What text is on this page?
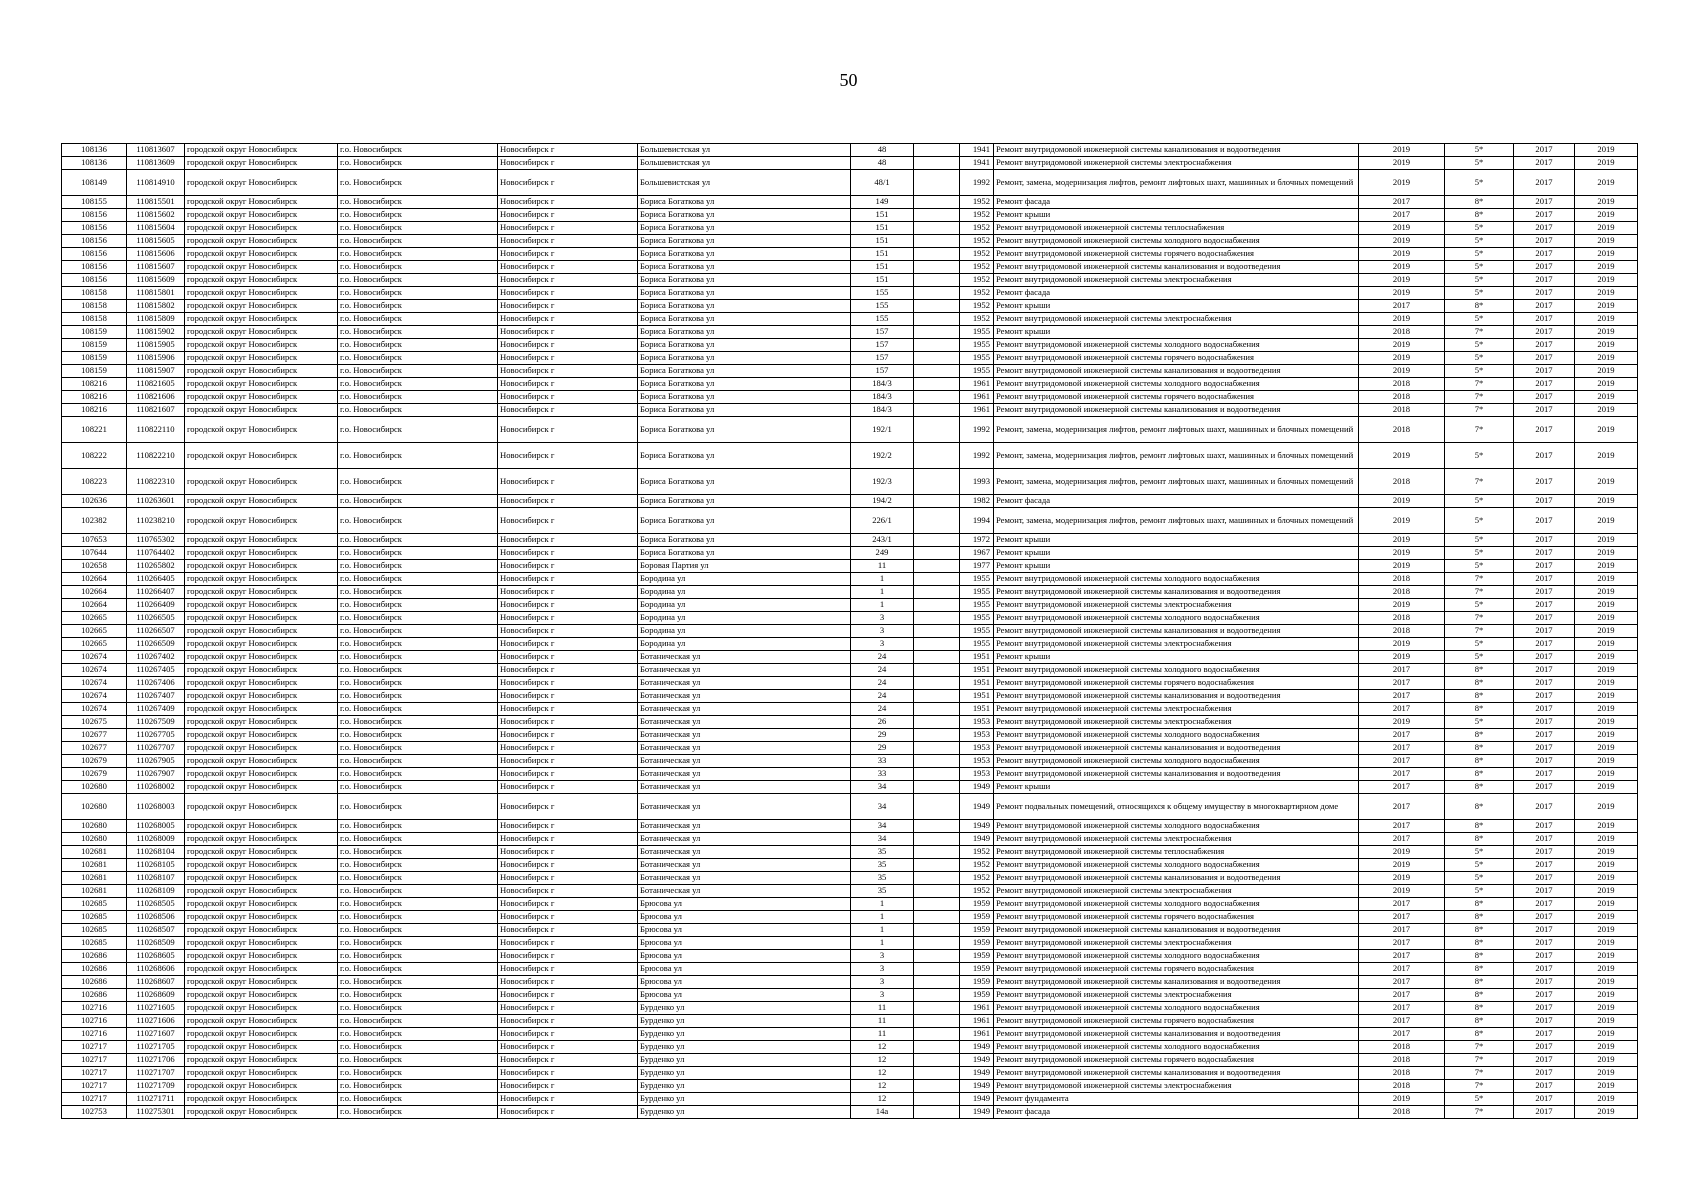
50
108136	110813607	городской округ Новосибирск	г.о. Новосибирск	Новосибирск г	Большевистская ул	48		1941	Ремонт внутридомовой инженерной системы канализования и водоотведения	2019	5*	2017	2019
108136	110813609	городской округ Новосибирск	г.о. Новосибирск	Новосибирск г	Большевистская ул	48		1941	Ремонт внутридомовой инженерной системы электроснабжения	2019	5*	2017	2019
108149	110814910	городской округ Новосибирск	г.о. Новосибирск	Новосибирск г	Большевистская ул	48/1		1992	Ремонт, замена, модернизация лифтов, ремонт лифтовых шахт, машинных и блочных помещений	2019	5*	2017	2019
108155	110815501	городской округ Новосибирск	г.о. Новосибирск	Новосибирск г	Бориса Богаткова ул	149		1952	Ремонт фасада	2017	8*	2017	2019
108156	110815602	городской округ Новосибирск	г.о. Новосибирск	Новосибирск г	Бориса Богаткова ул	151		1952	Ремонт крыши	2017	8*	2017	2019
108156	110815604	городской округ Новосибирск	г.о. Новосибирск	Новосибирск г	Бориса Богаткова ул	151		1952	Ремонт внутридомовой инженерной системы теплоснабжения	2019	5*	2017	2019
108156	110815605	городской округ Новосибирск	г.о. Новосибирск	Новосибирск г	Бориса Богаткова ул	151		1952	Ремонт внутридомовой инженерной системы холодного водоснабжения	2019	5*	2017	2019
108156	110815606	городской округ Новосибирск	г.о. Новосибирск	Новосибирск г	Бориса Богаткова ул	151		1952	Ремонт внутридомовой инженерной системы горячего водоснабжения	2019	5*	2017	2019
108156	110815607	городской округ Новосибирск	г.о. Новосибирск	Новосибирск г	Бориса Богаткова ул	151		1952	Ремонт внутридомовой инженерной системы канализования и водоотведения	2019	5*	2017	2019
108156	110815609	городской округ Новосибирск	г.о. Новосибирск	Новосибирск г	Бориса Богаткова ул	151		1952	Ремонт внутридомовой инженерной системы электроснабжения	2019	5*	2017	2019
108158	110815801	городской округ Новосибирск	г.о. Новосибирск	Новосибирск г	Бориса Богаткова ул	155		1952	Ремонт фасада	2019	5*	2017	2019
108158	110815802	городской округ Новосибирск	г.о. Новосибирск	Новосибирск г	Бориса Богаткова ул	155		1952	Ремонт крыши	2017	8*	2017	2019
108158	110815809	городской округ Новосибирск	г.о. Новосибирск	Новосибирск г	Бориса Богаткова ул	155		1952	Ремонт внутридомовой инженерной системы электроснабжения	2019	5*	2017	2019
108159	110815902	городской округ Новосибирск	г.о. Новосибирск	Новосибирск г	Бориса Богаткова ул	157		1955	Ремонт крыши	2018	7*	2017	2019
108159	110815905	городской округ Новосибирск	г.о. Новосибирск	Новосибирск г	Бориса Богаткова ул	157		1955	Ремонт внутридомовой инженерной системы холодного водоснабжения	2019	5*	2017	2019
108159	110815906	городской округ Новосибирск	г.о. Новосибирск	Новосибирск г	Бориса Богаткова ул	157		1955	Ремонт внутридомовой инженерной системы горячего водоснабжения	2019	5*	2017	2019
108159	110815907	городской округ Новосибирск	г.о. Новосибирск	Новосибирск г	Бориса Богаткова ул	157		1955	Ремонт внутридомовой инженерной системы канализования и водоотведения	2019	5*	2017	2019
108216	110821605	городской округ Новосибирск	г.о. Новосибирск	Новосибирск г	Бориса Богаткова ул	184/3		1961	Ремонт внутридомовой инженерной системы холодного водоснабжения	2018	7*	2017	2019
108216	110821606	городской округ Новосибирск	г.о. Новосибирск	Новосибирск г	Бориса Богаткова ул	184/3		1961	Ремонт внутридомовой инженерной системы горячего водоснабжения	2018	7*	2017	2019
108216	110821607	городской округ Новосибирск	г.о. Новосибирск	Новосибирск г	Бориса Богаткова ул	184/3		1961	Ремонт внутридомовой инженерной системы канализования и водоотведения	2018	7*	2017	2019
108221	110822110	городской округ Новосибирск	г.о. Новосибирск	Новосибирск г	Бориса Богаткова ул	192/1		1992	Ремонт, замена, модернизация лифтов, ремонт лифтовых шахт, машинных и блочных помещений	2018	7*	2017	2019
108222	110822210	городской округ Новосибирск	г.о. Новосибирск	Новосибирск г	Бориса Богаткова ул	192/2		1992	Ремонт, замена, модернизация лифтов, ремонт лифтовых шахт, машинных и блочных помещений	2019	5*	2017	2019
108223	110822310	городской округ Новосибирск	г.о. Новосибирск	Новосибирск г	Бориса Богаткова ул	192/3		1993	Ремонт, замена, модернизация лифтов, ремонт лифтовых шахт, машинных и блочных помещений	2018	7*	2017	2019
102636	110263601	городской округ Новосибирск	г.о. Новосибирск	Новосибирск г	Бориса Богаткова ул	194/2		1982	Ремонт фасада	2019	5*	2017	2019
102382	110238210	городской округ Новосибирск	г.о. Новосибирск	Новосибирск г	Бориса Богаткова ул	226/1		1994	Ремонт, замена, модернизация лифтов, ремонт лифтовых шахт, машинных и блочных помещений	2019	5*	2017	2019
107653	110765302	городской округ Новосибирск	г.о. Новосибирск	Новосибирск г	Бориса Богаткова ул	243/1		1972	Ремонт крыши	2019	5*	2017	2019
107644	110764402	городской округ Новосибирск	г.о. Новосибирск	Новосибирск г	Бориса Богаткова ул	249		1967	Ремонт крыши	2019	5*	2017	2019
102658	110265802	городской округ Новосибирск	г.о. Новосибирск	Новосибирск г	Боровая Партия ул	11		1977	Ремонт крыши	2019	5*	2017	2019
102664	110266405	городской округ Новосибирск	г.о. Новосибирск	Новосибирск г	Бородина ул	1		1955	Ремонт внутридомовой инженерной системы холодного водоснабжения	2018	7*	2017	2019
102664	110266407	городской округ Новосибирск	г.о. Новосибирск	Новосибирск г	Бородина ул	1		1955	Ремонт внутридомовой инженерной системы канализования и водоотведения	2018	7*	2017	2019
102664	110266409	городской округ Новосибирск	г.о. Новосибирск	Новосибирск г	Бородина ул	1		1955	Ремонт внутридомовой инженерной системы электроснабжения	2019	5*	2017	2019
102665	110266505	городской округ Новосибирск	г.о. Новосибирск	Новосибирск г	Бородина ул	3		1955	Ремонт внутридомовой инженерной системы холодного водоснабжения	2018	7*	2017	2019
102665	110266507	городской округ Новосибирск	г.о. Новосибирск	Новосибирск г	Бородина ул	3		1955	Ремонт внутридомовой инженерной системы канализования и водоотведения	2018	7*	2017	2019
102665	110266509	городской округ Новосибирск	г.о. Новосибирск	Новосибирск г	Бородина ул	3		1955	Ремонт внутридомовой инженерной системы электроснабжения	2019	5*	2017	2019
102674	110267402	городской округ Новосибирск	г.о. Новосибирск	Новосибирск г	Ботаническая ул	24		1951	Ремонт крыши	2019	5*	2017	2019
102674	110267405	городской округ Новосибирск	г.о. Новосибирск	Новосибирск г	Ботаническая ул	24		1951	Ремонт внутридомовой инженерной системы холодного водоснабжения	2017	8*	2017	2019
102674	110267406	городской округ Новосибирск	г.о. Новосибирск	Новосибирск г	Ботаническая ул	24		1951	Ремонт внутридомовой инженерной системы горячего водоснабжения	2017	8*	2017	2019
102674	110267407	городской округ Новосибирск	г.о. Новосибирск	Новосибирск г	Ботаническая ул	24		1951	Ремонт внутридомовой инженерной системы канализования и водоотведения	2017	8*	2017	2019
102674	110267409	городской округ Новосибирск	г.о. Новосибирск	Новосибирск г	Ботаническая ул	24		1951	Ремонт внутридомовой инженерной системы электроснабжения	2017	8*	2017	2019
102675	110267509	городской округ Новосибирск	г.о. Новосибирск	Новосибирск г	Ботаническая ул	26		1953	Ремонт внутридомовой инженерной системы электроснабжения	2019	5*	2017	2019
102677	110267705	городской округ Новосибирск	г.о. Новосибирск	Новосибирск г	Ботаническая ул	29		1953	Ремонт внутридомовой инженерной системы холодного водоснабжения	2017	8*	2017	2019
102677	110267707	городской округ Новосибирск	г.о. Новосибирск	Новосибирск г	Ботаническая ул	29		1953	Ремонт внутридомовой инженерной системы канализования и водоотведения	2017	8*	2017	2019
102679	110267905	городской округ Новосибирск	г.о. Новосибирск	Новосибирск г	Ботаническая ул	33		1953	Ремонт внутридомовой инженерной системы холодного водоснабжения	2017	8*	2017	2019
102679	110267907	городской округ Новосибирск	г.о. Новосибирск	Новосибирск г	Ботаническая ул	33		1953	Ремонт внутридомовой инженерной системы канализования и водоотведения	2017	8*	2017	2019
102680	110268002	городской округ Новосибирск	г.о. Новосибирск	Новосибирск г	Ботаническая ул	34		1949	Ремонт крыши	2017	8*	2017	2019
102680	110268003	городской округ Новосибирск	г.о. Новосибирск	Новосибирск г	Ботаническая ул	34		1949	Ремонт подвальных помещений, относящихся к общему имуществу в многоквартирном доме	2017	8*	2017	2019
102680	110268005	городской округ Новосибирск	г.о. Новосибирск	Новосибирск г	Ботаническая ул	34		1949	Ремонт внутридомовой инженерной системы холодного водоснабжения	2017	8*	2017	2019
102680	110268009	городской округ Новосибирск	г.о. Новосибирск	Новосибирск г	Ботаническая ул	34		1949	Ремонт внутридомовой инженерной системы электроснабжения	2017	8*	2017	2019
102681	110268104	городской округ Новосибирск	г.о. Новосибирск	Новосибирск г	Ботаническая ул	35		1952	Ремонт внутридомовой инженерной системы теплоснабжения	2019	5*	2017	2019
102681	110268105	городской округ Новосибирск	г.о. Новосибирск	Новосибирск г	Ботаническая ул	35		1952	Ремонт внутридомовой инженерной системы холодного водоснабжения	2019	5*	2017	2019
102681	110268107	городской округ Новосибирск	г.о. Новосибирск	Новосибирск г	Ботаническая ул	35		1952	Ремонт внутридомовой инженерной системы канализования и водоотведения	2019	5*	2017	2019
102681	110268109	городской округ Новосибирск	г.о. Новосибирск	Новосибирск г	Ботаническая ул	35		1952	Ремонт внутридомовой инженерной системы электроснабжения	2019	5*	2017	2019
102685	110268505	городской округ Новосибирск	г.о. Новосибирск	Новосибирск г	Брюсова ул	1		1959	Ремонт внутридомовой инженерной системы холодного водоснабжения	2017	8*	2017	2019
102685	110268506	городской округ Новосибирск	г.о. Новосибирск	Новосибирск г	Брюсова ул	1		1959	Ремонт внутридомовой инженерной системы горячего водоснабжения	2017	8*	2017	2019
102685	110268507	городской округ Новосибирск	г.о. Новосибирск	Новосибирск г	Брюсова ул	1		1959	Ремонт внутридомовой инженерной системы канализования и водоотведения	2017	8*	2017	2019
102685	110268509	городской округ Новосибирск	г.о. Новосибирск	Новосибирск г	Брюсова ул	1		1959	Ремонт внутридомовой инженерной системы электроснабжения	2017	8*	2017	2019
102686	110268605	городской округ Новосибирск	г.о. Новосибирск	Новосибирск г	Брюсова ул	3		1959	Ремонт внутридомовой инженерной системы холодного водоснабжения	2017	8*	2017	2019
102686	110268606	городской округ Новосибирск	г.о. Новосибирск	Новосибирск г	Брюсова ул	3		1959	Ремонт внутридомовой инженерной системы горячего водоснабжения	2017	8*	2017	2019
102686	110268607	городской округ Новосибирск	г.о. Новосибирск	Новосибирск г	Брюсова ул	3		1959	Ремонт внутридомовой инженерной системы канализования и водоотведения	2017	8*	2017	2019
102686	110268609	городской округ Новосибирск	г.о. Новосибирск	Новосибирск г	Брюсова ул	3		1959	Ремонт внутридомовой инженерной системы электроснабжения	2017	8*	2017	2019
102716	110271605	городской округ Новосибирск	г.о. Новосибирск	Новосибирск г	Бурденко ул	11		1961	Ремонт внутридомовой инженерной системы холодного водоснабжения	2017	8*	2017	2019
102716	110271606	городской округ Новосибирск	г.о. Новосибирск	Новосибирск г	Бурденко ул	11		1961	Ремонт внутридомовой инженерной системы горячего водоснабжения	2017	8*	2017	2019
102716	110271607	городской округ Новосибирск	г.о. Новосибирск	Новосибирск г	Бурденко ул	11		1961	Ремонт внутридомовой инженерной системы канализования и водоотведения	2017	8*	2017	2019
102717	110271705	городской округ Новосибирск	г.о. Новосибирск	Новосибирск г	Бурденко ул	12		1949	Ремонт внутридомовой инженерной системы холодного водоснабжения	2018	7*	2017	2019
102717	110271706	городской округ Новосибирск	г.о. Новосибирск	Новосибирск г	Бурденко ул	12		1949	Ремонт внутридомовой инженерной системы горячего водоснабжения	2018	7*	2017	2019
102717	110271707	городской округ Новосибирск	г.о. Новосибирск	Новосибирск г	Бурденко ул	12		1949	Ремонт внутридомовой инженерной системы канализования и водоотведения	2018	7*	2017	2019
102717	110271709	городской округ Новосибирск	г.о. Новосибирск	Новосибирск г	Бурденко ул	12		1949	Ремонт внутридомовой инженерной системы электроснабжения	2018	7*	2017	2019
102717	110271711	городской округ Новосибирск	г.о. Новосибирск	Новосибирск г	Бурденко ул	12		1949	Ремонт фундамента	2019	5*	2017	2019
102753	110275301	городской округ Новосибирск	г.о. Новосибирск	Новосибирск г	Бурденко ул	14а		1949	Ремонт фасада	2018	7*	2017	2019
